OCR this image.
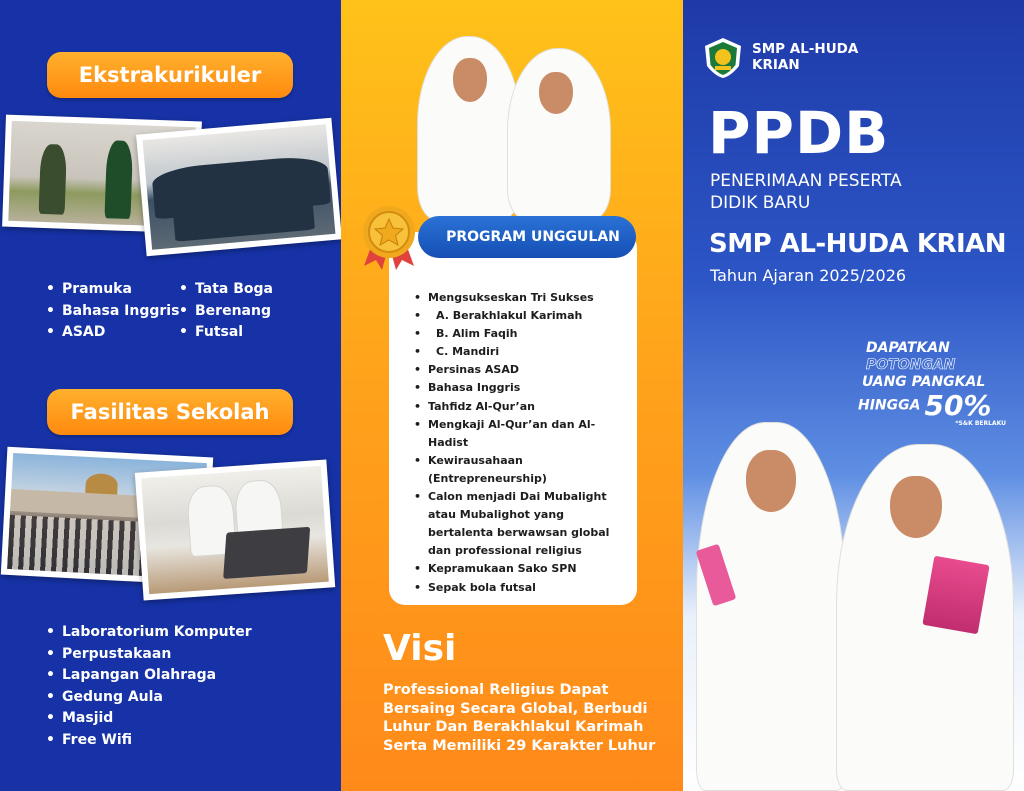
Ekstrakurikuler
• Pramuka
• Bahasa Inggris
• ASAD
• Tata Boga
• Berenang
• Futsal
Fasilitas Sekolah
• Laboratorium Komputer
• Perpustakaan
• Lapangan Olahraga
• Gedung Aula
• Masjid
• Free Wifi
PROGRAM UNGGULAN
• Mengsukseskan Tri Sukses
• A. Berakhlakul Karimah
• B. Alim Faqih
• C. Mandiri
• Persinas ASAD
• Bahasa Inggris
• Tahfidz Al-Qur’an
• Mengkaji Al-Qur’an dan Al-Hadist
• Kewirausahaan (Entrepreneurship)
• Calon menjadi Dai Mubalight atau Mubalighot yang bertalenta berwawsan global dan professional religius
• Kepramukaan Sako SPN
• Sepak bola futsal
Visi
Professional Religius Dapat Bersaing Secara Global, Berbudi Luhur Dan Berakhlakul Karimah Serta Memiliki 29 Karakter Luhur
SMP AL-HUDA KRIAN
PPDB
PENERIMAAN PESERTA DIDIK BARU
SMP AL-HUDA KRIAN
Tahun Ajaran 2025/2026
DAPATKAN
POTONGAN
UANG PANGKAL
HINGGA 50%
*S&K BERLAKU
